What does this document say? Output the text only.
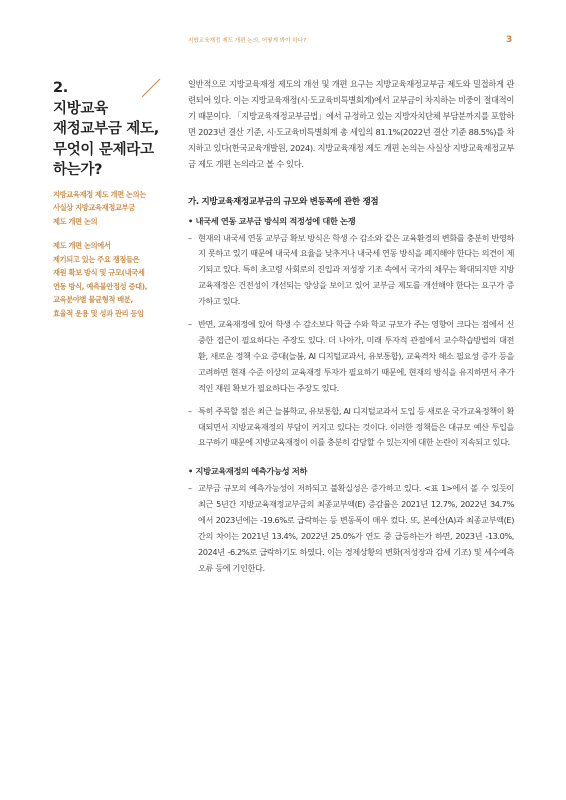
지방교육재정 제도 개편 논의, 어떻게 봐야 하나?	3
2.
지방교육
재정교부금 제도,
무엇이 문제라고
하는가?
지방교육재정 제도 개편 논의는
사실상 지방교육재정교부금
제도 개편 논의
제도 개편 논의에서
제기되고 있는 주요 쟁점들은
재원 확보 방식 및 규모(내국세
연동 방식, 예측불안정성 증대),
교육분야별 불균형적 배분,
효율적 운용 및 성과 관리 등임

일반적으로 지방교육재정 제도의 개선 및 개편 요구는 지방교육재정교부금 제도와 밀접하게 관련되어 있다. 이는 지방교육재정(시·도교육비특별회계)에서 교부금이 차지하는 비중이 절대적이기 때문이다. 「지방교육재정교부금법」에서 규정하고 있는 지방자치단체 부담분까지를 포함하면 2023년 결산 기준, 시·도교육비특별회계 총 세입의 81.1%(2022년 결산 기준 88.5%)를 차지하고 있다(한국교육개발원, 2024). 지방교육재정 제도 개편 논의는 사실상 지방교육재정교부금 제도 개편 논의라고 볼 수 있다.

가. 지방교육재정교부금의 규모와 변동폭에 관한 쟁점
• 내국세 연동 교부금 방식의 적정성에 대한 논쟁
– 현재의 내국세 연동 교부금 확보 방식은 학생 수 감소와 같은 교육환경의 변화를 충분히 반영하지 못하고 있기 때문에 내국세 요율을 낮추거나 내국세 연동 방식을 폐지해야 한다는 의견이 제기되고 있다. 특히 초고령 사회로의 진입과 저성장 기조 속에서 국가의 채무는 확대되지만 지방교육재정은 건전성이 개선되는 양상을 보이고 있어 교부금 제도를 개선해야 한다는 요구가 증가하고 있다.
– 반면, 교육재정에 있어 학생 수 감소보다 학급 수와 학교 규모가 주는 영향이 크다는 점에서 신중한 접근이 필요하다는 주장도 있다. 더 나아가, 미래 투자적 관점에서 교수학습방법의 대전환, 새로운 정책 수요 증대(늘봄, AI 디지털교과서, 유보통합), 교육격차 해소 필요성 증가 등을 고려하면 현재 수준 이상의 교육재정 투자가 필요하기 때문에, 현재의 방식을 유지하면서 추가적인 재원 확보가 필요하다는 주장도 있다.
– 특히 주목할 점은 최근 늘봄학교, 유보통합, AI 디지털교과서 도입 등 새로운 국가교육정책이 확대되면서 지방교육재정의 부담이 커지고 있다는 것이다. 이러한 정책들은 대규모 예산 투입을 요구하기 때문에 지방교육재정이 이를 충분히 감당할 수 있는지에 대한 논란이 지속되고 있다.
• 지방교육재정의 예측가능성 저하
– 교부금 규모의 예측가능성이 저하되고 불확실성은 증가하고 있다. <표 1>에서 볼 수 있듯이 최근 5년간 지방교육재정교부금의 최종교부액(E) 증감률은 2021년 12.7%, 2022년 34.7%에서 2023년에는 -19.6%로 급락하는 등 변동폭이 매우 컸다. 또, 본예산(A)과 최종교부액(E) 간의 차이는 2021년 13.4%, 2022년 25.0%가 연도 중 급등하는가 하면, 2023년 -13.0%, 2024년 -6.2%로 급락하기도 하였다. 이는 경제상황의 변화(저성장과 감세 기조) 및 세수예측 오류 등에 기인한다.
